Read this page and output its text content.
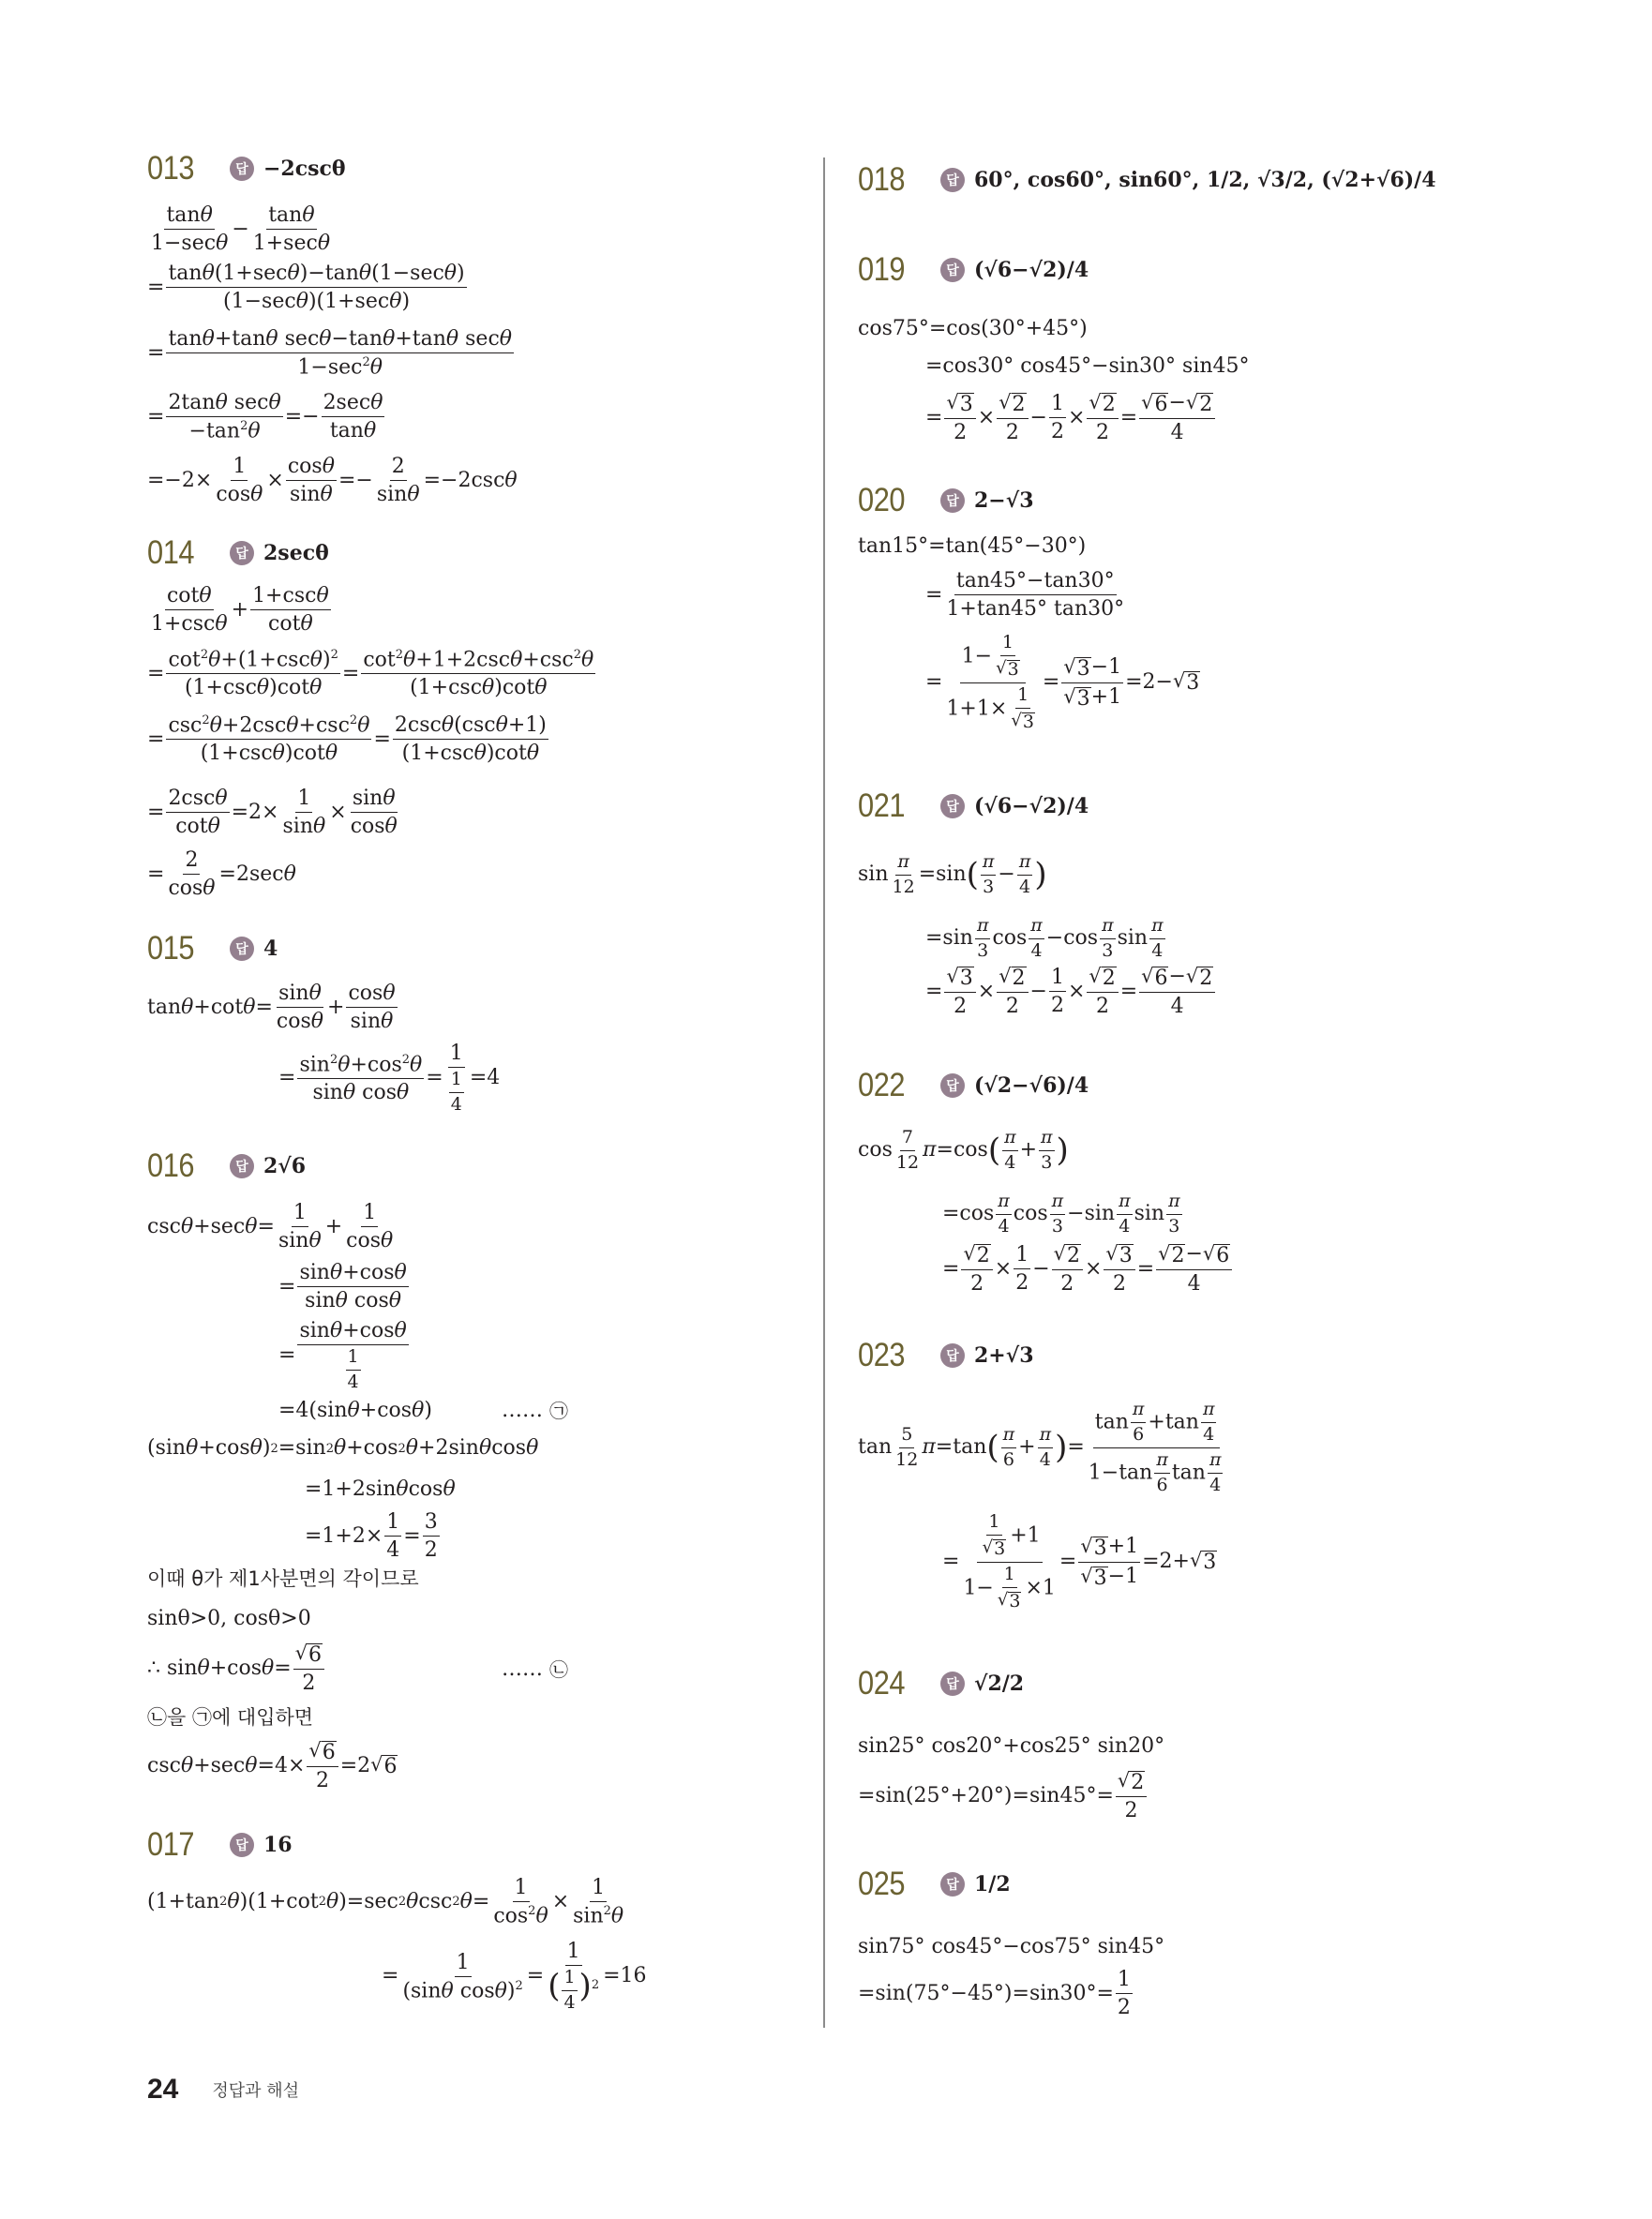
013	답 −2cscθ
tanθ
1−secθ
−
tanθ
1+secθ
=
tanθ(1+secθ)−tanθ(1−secθ)
(1−secθ)(1+secθ)
=
tanθ+tanθ secθ−tanθ+tanθ secθ
$1-\sec^2\theta$
=
2tanθ secθ
$-\tan^2\theta$
=−
2secθ
tanθ
=−2×
1
cosθ
×
cosθ
sinθ
=−
2
sinθ
=−2csc θ
014	답 2secθ
cotθ
1+cscθ
+
1+cscθ
cotθ
=
$\cot^2\theta+(1+\csc\theta)^2$
(1+cscθ)cotθ
=
$\cot^2\theta+1+2\csc\theta+\csc^2\theta$
(1+cscθ)cotθ
=
$\csc^2\theta+2\csc\theta+\csc^2\theta$
(1+cscθ)cotθ
=
2cscθ(cscθ+1)
(1+cscθ)cotθ
=
2cscθ
cotθ
=2×
1
sinθ
×
sinθ
cosθ
=
2
cosθ
=2sec θ
015	답 4
tan θ +cot θ =
sinθ
cosθ
+
cosθ
sinθ
=
$\sin^2\theta+\cos^2\theta$
sinθ cosθ
=
1
$\frac{1}{4} =4$
016	답 2√6
csc θ +sec θ =
1
sinθ
+
1
cosθ
=
sinθ+cosθ
sinθ cosθ
=
sinθ+cosθ
$\frac{1}{4}$
=4(sin θ +cos θ )	……
㉠
(sin θ +cos θ ) 2 =sin 2 θ +cos 2 θ +2sin θ cos θ
=1+2sin θ cos θ
=1+2×
1
4
=
3
2
이때 θ가 제1사분면의 각이므로
sinθ>0, cosθ>0
∴ sin θ +cos θ =
√ 6
2
……
㉡
㉡을 ㉠에 대입하면
csc θ +sec θ =4×
√ 6
2
=2 √ 6
017	답 16
(1+tan 2 θ )(1+cot 2 θ )=sec 2 θ csc 2 θ =
1
$\cos^2\theta$
×
1
$\sin^2\theta$
=
1
(sinθ cosθ)$^2$ =
1
( $\frac{1}{4} )^2 =16$
018	답 60°, cos60°, sin60°, 1/2, √3/2, (√2+√6)/4
019	답 (√6−√2)/4
cos75°=cos(30°+45°)
=cos30° cos45°−sin30° sin45°
=
√ 3
2
×
√ 2
2
−
1
2
×
√ 2
2
=
√ 6 − √ 2
4
020	답 2−√3
tan15°=tan(45°−30°)
=
tan45°−tan30°
1+tan45° tan30°
=
$1- \frac{1}{√ 3}$
$1+1\times \frac{1}{√ 3}$
=
√ 3 −1
√ 3 +1
=2− √ 3
021	답 (√6−√2)/4
sin
π
12
=sin ( π
3
−
π
4 )
=sin
π
3
cos
π
4
−cos
π
3
sin
π
4
=
√ 3
2
×
√ 2
2
−
1
2
×
√ 2
2
=
√ 6 − √ 2
4
022	답 (√2−√6)/4
cos
7
12
π =cos ( π
4
+
π
3 )
=cos
π
4
cos
π
3
−sin
π
4
sin
π
3
=
√ 2
2
×
1
2
−
√ 2
2
×
√ 3
2
=
√ 2 − √ 6
4
023	답 2+√3
tan
5
12
π =tan ( π
6
+
π
4 ) =
$\tan \frac{\pi}{6} +\tan \frac{\pi}{4}$
$1-\tan \frac{\pi}{6}$ $\tan \frac{\pi}{4}$
=
$\frac{1}{√ 3} +1$
$1- \frac{1}{√ 3} \times 1$
=
√ 3 +1
√ 3 −1
=2+ √ 3
024	답 √2/2
sin25° cos20°+cos25° sin20°
=sin(25°+20°)=sin45°=
√ 2
2
025	답 1/2
sin75° cos45°−cos75° sin45°
=sin(75°−45°)=sin30°=
1
2
24 정답과 해설
